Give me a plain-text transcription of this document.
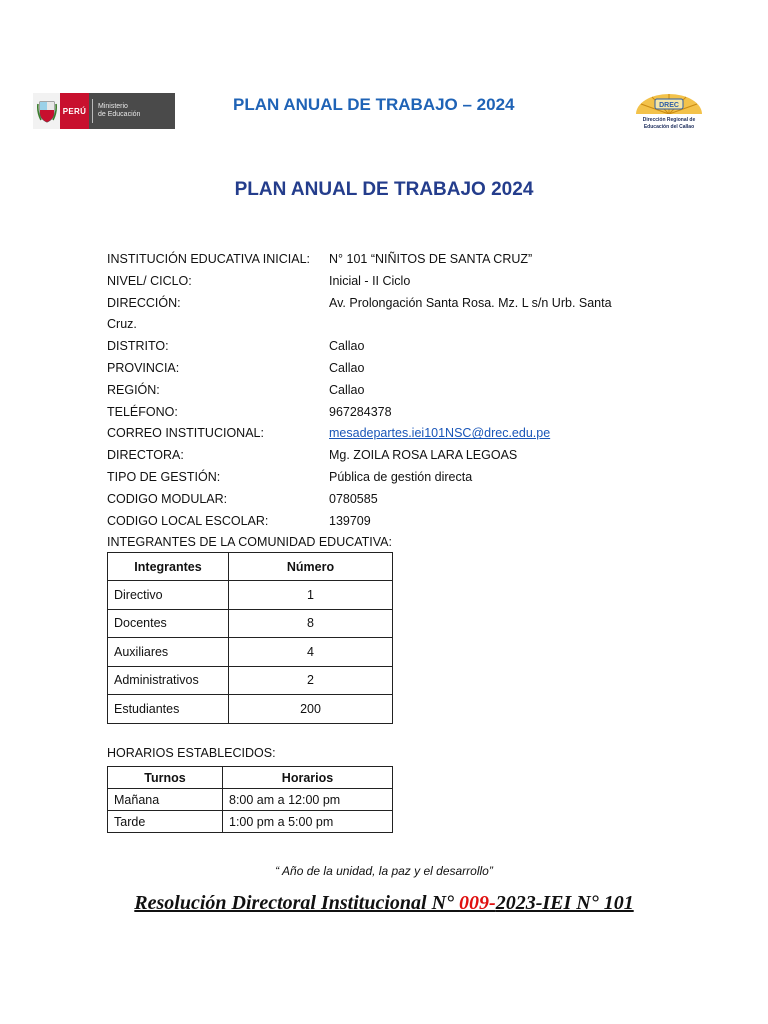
PERÚ	Ministerio
de Educación
PLAN ANUAL DE TRABAJO – 2024	DREC
Dirección Regional de
Educación del Callao
PLAN ANUAL DE TRABAJO 2024
INSTITUCIÓN EDUCATIVA INICIAL:	N° 101 “NIÑITOS DE SANTA CRUZ”
NIVEL/ CICLO:	Inicial - II Ciclo
DIRECCIÓN:	Av. Prolongación Santa Rosa. Mz. L s/n Urb. Santa
Cruz.
DISTRITO:	Callao
PROVINCIA:	Callao
REGIÓN:	Callao
TELÉFONO:	967284378
CORREO INSTITUCIONAL:	mesadepartes.iei101NSC@drec.edu.pe
DIRECTORA:	Mg. ZOILA ROSA LARA LEGOAS
TIPO DE GESTIÓN:	Pública de gestión directa
CODIGO MODULAR:	0780585
CODIGO LOCAL ESCOLAR:	139709
INTEGRANTES DE LA COMUNIDAD EDUCATIVA:
Integrantes	Número
Directivo	1
Docentes	8
Auxiliares	4
Administrativos	2
Estudiantes	200
HORARIOS ESTABLECIDOS:
Turnos	Horarios
Mañana	8:00 am a 12:00 pm
Tarde	1:00 pm a 5:00 pm
“ Año de la unidad, la paz y el desarrollo”
Resolución Directoral Institucional N° 009-2023-IEI N° 101
